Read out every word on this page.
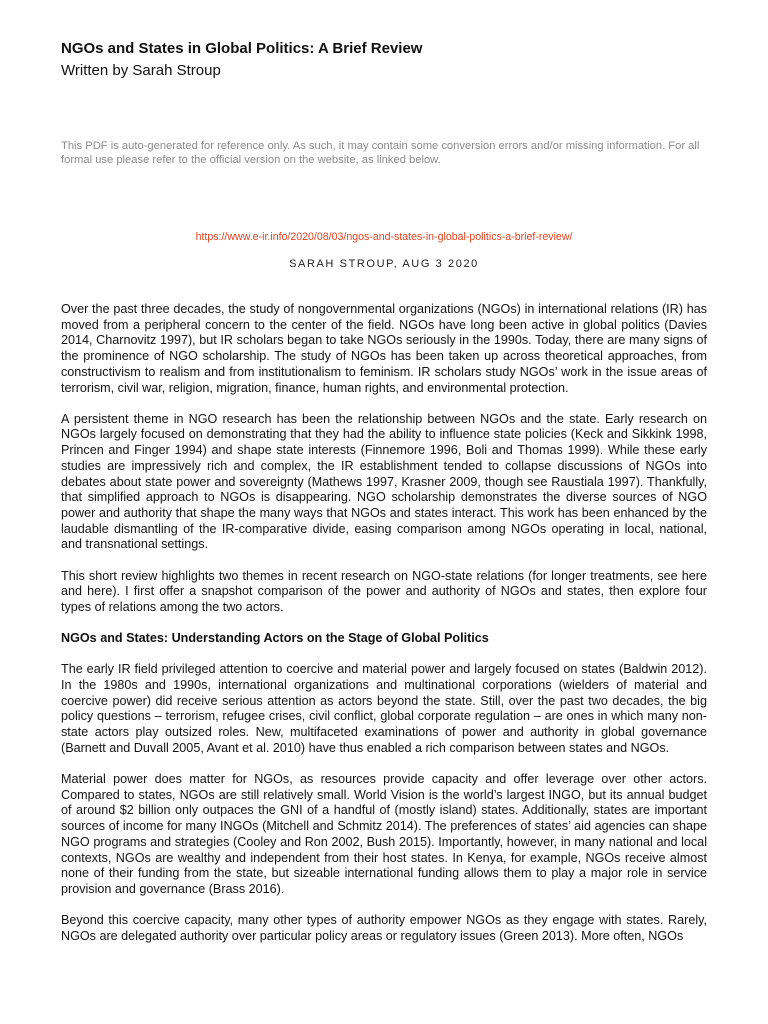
NGOs and States in Global Politics: A Brief Review
Written by Sarah Stroup
This PDF is auto-generated for reference only. As such, it may contain some conversion errors and/or missing information. For all formal use please refer to the official version on the website, as linked below.
https://www.e-ir.info/2020/08/03/ngos-and-states-in-global-politics-a-brief-review/
SARAH STROUP, AUG 3 2020

Over the past three decades, the study of nongovernmental organizations (NGOs) in international relations (IR) has moved from a peripheral concern to the center of the field. NGOs have long been active in global politics (Davies 2014, Charnovitz 1997), but IR scholars began to take NGOs seriously in the 1990s. Today, there are many signs of the prominence of NGO scholarship. The study of NGOs has been taken up across theoretical approaches, from constructivism to realism and from institutionalism to feminism. IR scholars study NGOs’ work in the issue areas of terrorism, civil war, religion, migration, finance, human rights, and environmental protection.

A persistent theme in NGO research has been the relationship between NGOs and the state. Early research on NGOs largely focused on demonstrating that they had the ability to influence state policies (Keck and Sikkink 1998, Princen and Finger 1994) and shape state interests (Finnemore 1996, Boli and Thomas 1999). While these early studies are impressively rich and complex, the IR establishment tended to collapse discussions of NGOs into debates about state power and sovereignty (Mathews 1997, Krasner 2009, though see Raustiala 1997). Thankfully, that simplified approach to NGOs is disappearing. NGO scholarship demonstrates the diverse sources of NGO power and authority that shape the many ways that NGOs and states interact. This work has been enhanced by the laudable dismantling of the IR-comparative divide, easing comparison among NGOs operating in local, national, and transnational settings.

This short review highlights two themes in recent research on NGO-state relations (for longer treatments, see here and here). I first offer a snapshot comparison of the power and authority of NGOs and states, then explore four types of relations among the two actors.

NGOs and States: Understanding Actors on the Stage of Global Politics

The early IR field privileged attention to coercive and material power and largely focused on states (Baldwin 2012). In the 1980s and 1990s, international organizations and multinational corporations (wielders of material and coercive power) did receive serious attention as actors beyond the state. Still, over the past two decades, the big policy questions – terrorism, refugee crises, civil conflict, global corporate regulation – are ones in which many non-state actors play outsized roles. New, multifaceted examinations of power and authority in global governance (Barnett and Duvall 2005, Avant et al. 2010) have thus enabled a rich comparison between states and NGOs.

Material power does matter for NGOs, as resources provide capacity and offer leverage over other actors. Compared to states, NGOs are still relatively small. World Vision is the world’s largest INGO, but its annual budget of around $2 billion only outpaces the GNI of a handful of (mostly island) states. Additionally, states are important sources of income for many INGOs (Mitchell and Schmitz 2014). The preferences of states’ aid agencies can shape NGO programs and strategies (Cooley and Ron 2002, Bush 2015). Importantly, however, in many national and local contexts, NGOs are wealthy and independent from their host states. In Kenya, for example, NGOs receive almost none of their funding from the state, but sizeable international funding allows them to play a major role in service provision and governance (Brass 2016).

Beyond this coercive capacity, many other types of authority empower NGOs as they engage with states. Rarely, NGOs are delegated authority over particular policy areas or regulatory issues (Green 2013). More often, NGOs
